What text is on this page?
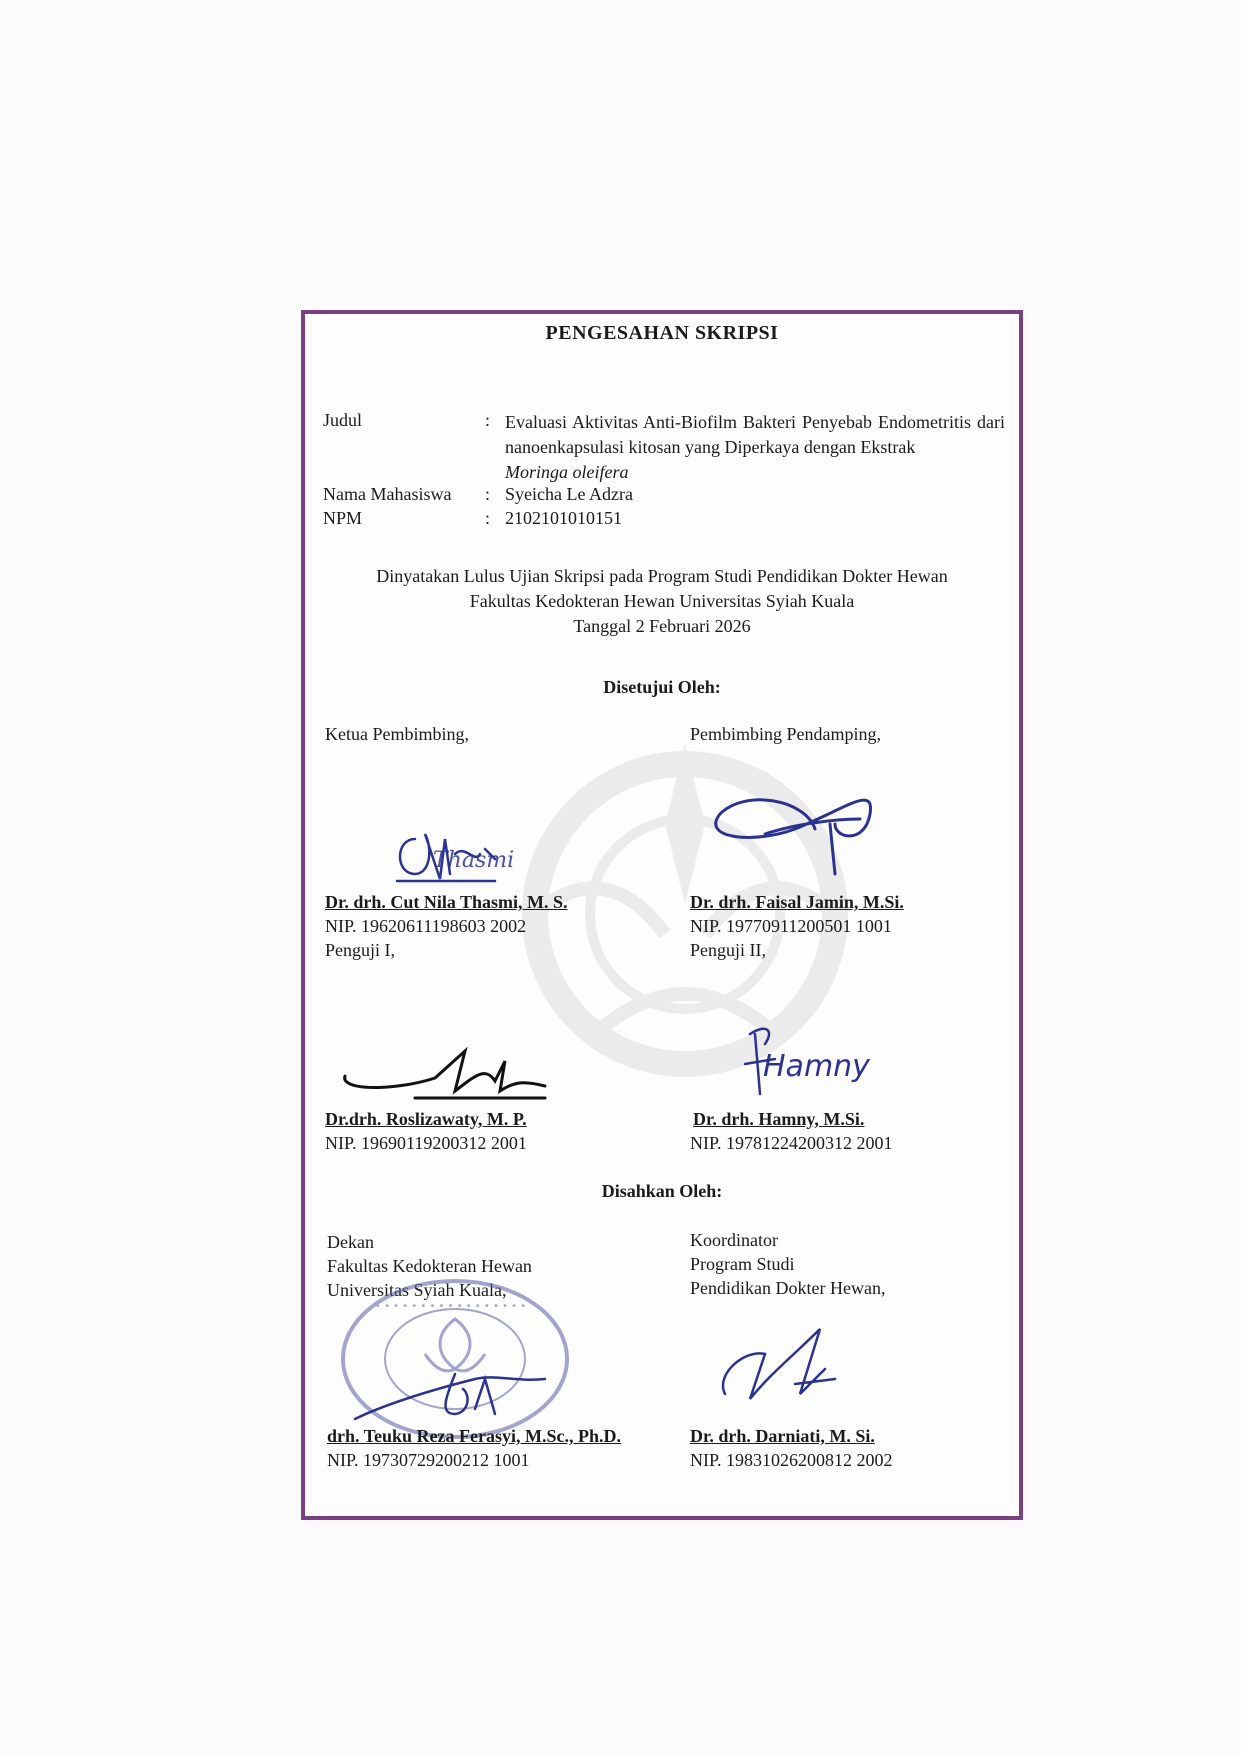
PENGESAHAN SKRIPSI
Judul	: Evaluasi Aktivitas Anti-Biofilm Bakteri Penyebab Endometritis dari nanoenkapsulasi kitosan yang Diperkaya dengan Ekstrak
Moringa oleifera
Nama Mahasiswa : Syeicha Le Adzra
NPM	: 2102101010151
Dinyatakan Lulus Ujian Skripsi pada Program Studi Pendidikan Dokter Hewan
Fakultas Kedokteran Hewan Universitas Syiah Kuala
Tanggal 2 Februari 2026
Disetujui Oleh:
Ketua Pembimbing,	Pembimbing Pendamping,
Thasmi
Dr. drh. Cut Nila Thasmi, M. S.
NIP. 19620611198603 2002
Penguji I,
Dr. drh. Faisal Jamin, M.Si.
NIP. 19770911200501 1001
Penguji II,
Hamny
Dr.drh. Roslizawaty, M. P.
NIP. 19690119200312 2001
Dr. drh. Hamny, M.Si.
NIP. 19781224200312 2001
Disahkan Oleh:
Dekan
Fakultas Kedokteran Hewan
Universitas Syiah Kuala,
Koordinator
Program Studi
Pendidikan Dokter Hewan,
• • • • • • • • • • • • • • • • •
drh. Teuku Reza Ferasyi, M.Sc., Ph.D.
NIP. 19730729200212 1001
Dr. drh. Darniati, M. Si.
NIP. 19831026200812 2002
